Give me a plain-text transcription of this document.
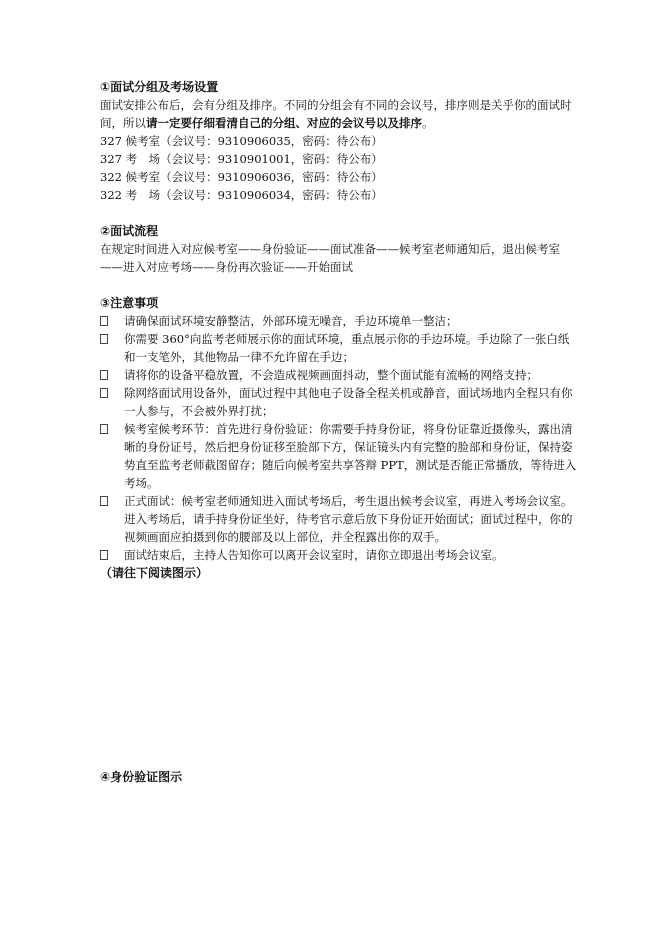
①面试分组及考场设置
面试安排公布后，会有分组及排序。不同的分组会有不同的会议号，排序则是关乎你的面试时间，所以请一定要仔细看清自己的分组、对应的会议号以及排序。
327 候考室（会议号：9310906035，密码：待公布）
327 考　场（会议号：9310901001，密码：待公布）
322 候考室（会议号：9310906036，密码：待公布）
322 考　场（会议号：9310906034，密码：待公布）
②面试流程
在规定时间进入对应候考室——身份验证——面试准备——候考室老师通知后，退出候考室——进入对应考场——身份再次验证——开始面试
③注意事项
请确保面试环境安静整洁，外部环境无噪音，手边环境单一整洁；
你需要 360°向监考老师展示你的面试环境，重点展示你的手边环境。手边除了一张白纸和一支笔外，其他物品一律不允许留在手边；
请将你的设备平稳放置，不会造成视频画面抖动，整个面试能有流畅的网络支持；
除网络面试用设备外，面试过程中其他电子设备全程关机或静音，面试场地内全程只有你一人参与，不会被外界打扰；
候考室候考环节：首先进行身份验证：你需要手持身份证，将身份证靠近摄像头，露出清晰的身份证号，然后把身份证移至脸部下方，保证镜头内有完整的脸部和身份证，保持姿势直至监考老师截图留存；随后向候考室共享答辩 PPT，测试是否能正常播放，等待进入考场。
正式面试：候考室老师通知进入面试考场后，考生退出候考会议室，再进入考场会议室。进入考场后，请手持身份证坐好，待考官示意后放下身份证开始面试；面试过程中，你的视频画面应拍摄到你的腰部及以上部位，并全程露出你的双手。
面试结束后，主持人告知你可以离开会议室时，请你立即退出考场会议室。
（请往下阅读图示）
④身份验证图示
